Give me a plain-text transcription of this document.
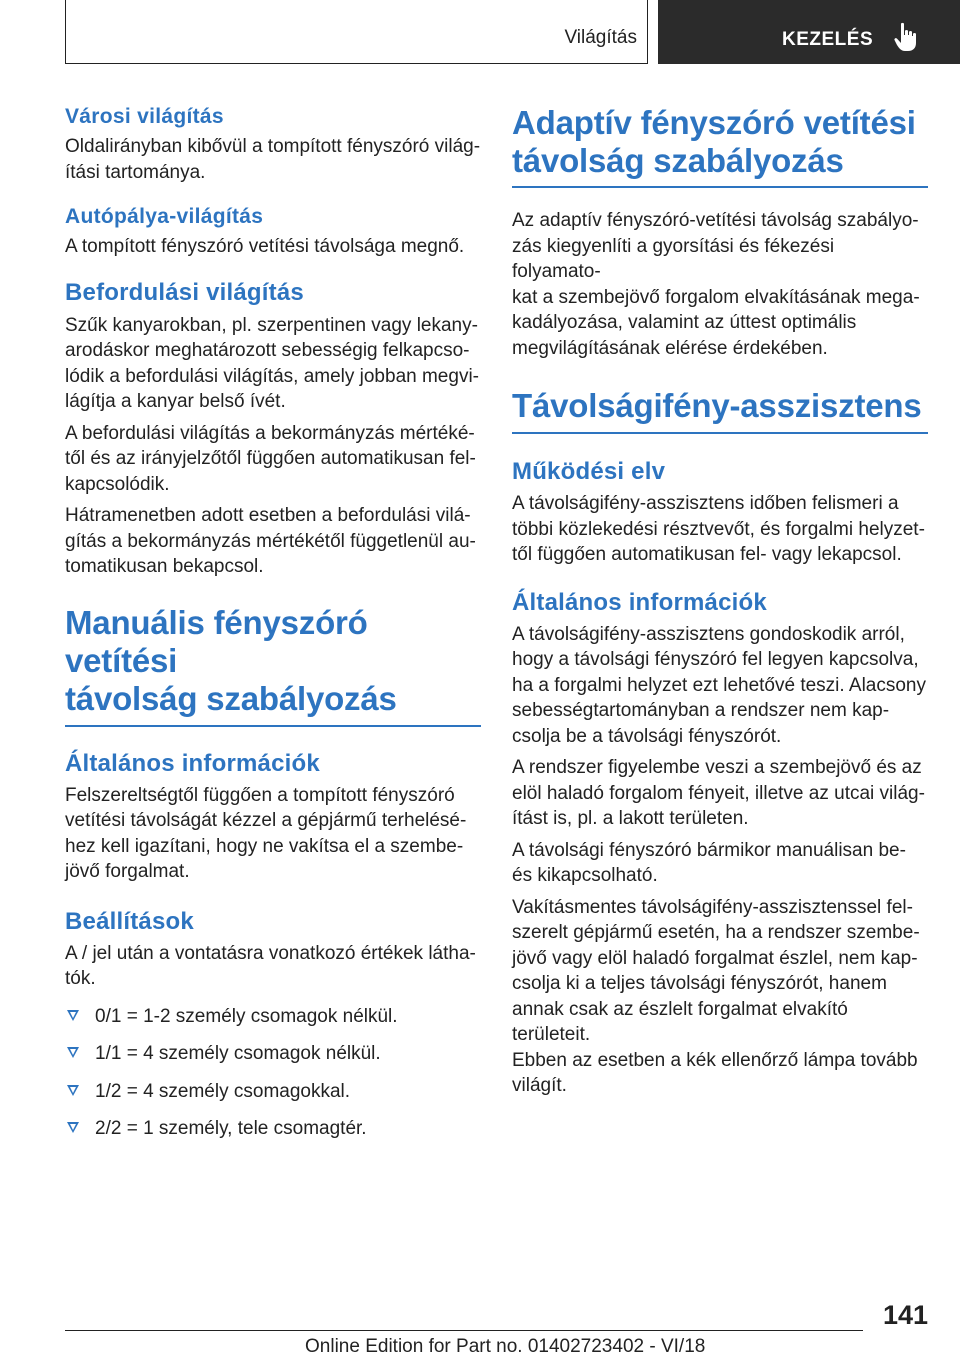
Világítás	KEZELÉS
Városi világítás
Oldalirányban kibővül a tompított fényszóró világ-
ítási tartománya.
Autópálya-világítás
A tompított fényszóró vetítési távolsága megnő.
Befordulási világítás
Szűk kanyarokban, pl. szerpentinen vagy lekany-
arodáskor meghatározott sebességig felkapcso-
lódik a befordulási világítás, amely jobban megvi-
lágítja a kanyar belső ívét.
A befordulási világítás a bekormányzás mértéké-
től és az irányjelzőtől függően automatikusan fel-
kapcsolódik.
Hátramenetben adott esetben a befordulási vilá-
gítás a bekormányzás mértékétől függetlenül au-
tomatikusan bekapcsol.
Manuális fényszóró vetítési
távolság szabályozás
Általános információk
Felszereltségtől függően a tompított fényszóró
vetítési távolságát kézzel a gépjármű terhelésé-
hez kell igazítani, hogy ne vakítsa el a szembe-
jövő forgalmat.
Beállítások
A / jel után a vontatásra vonatkozó értékek látha-
tók.
0/1 = 1-2 személy csomagok nélkül.
1/1 = 4 személy csomagok nélkül.
1/2 = 4 személy csomagokkal.
2/2 = 1 személy, tele csomagtér.
Adaptív fényszóró vetítési
távolság szabályozás
Az adaptív fényszóró-vetítési távolság szabályo-
zás kiegyenlíti a gyorsítási és fékezési folyamato-
kat a szembejövő forgalom elvakításának mega-
kadályozása, valamint az úttest optimális
megvilágításának elérése érdekében.
Távolságifény-asszisztens
Működési elv
A távolságifény-asszisztens időben felismeri a
többi közlekedési résztvevőt, és forgalmi helyzet-
től függően automatikusan fel- vagy lekapcsol.
Általános információk
A távolságifény-asszisztens gondoskodik arról,
hogy a távolsági fényszóró fel legyen kapcsolva,
ha a forgalmi helyzet ezt lehetővé teszi. Alacsony
sebességtartományban a rendszer nem kap-
csolja be a távolsági fényszórót.
A rendszer figyelembe veszi a szembejövő és az
elöl haladó forgalom fényeit, illetve az utcai világ-
ítást is, pl. a lakott területen.
A távolsági fényszóró bármikor manuálisan be-
és kikapcsolható.
Vakításmentes távolságifény-asszisztenssel fel-
szerelt gépjármű esetén, ha a rendszer szembe-
jövő vagy elöl haladó forgalmat észlel, nem kap-
csolja ki a teljes távolsági fényszórót, hanem
annak csak az észlelt forgalmat elvakító területeit.
Ebben az esetben a kék ellenőrző lámpa tovább
világít.
141
Online Edition for Part no. 01402723402 - VI/18
